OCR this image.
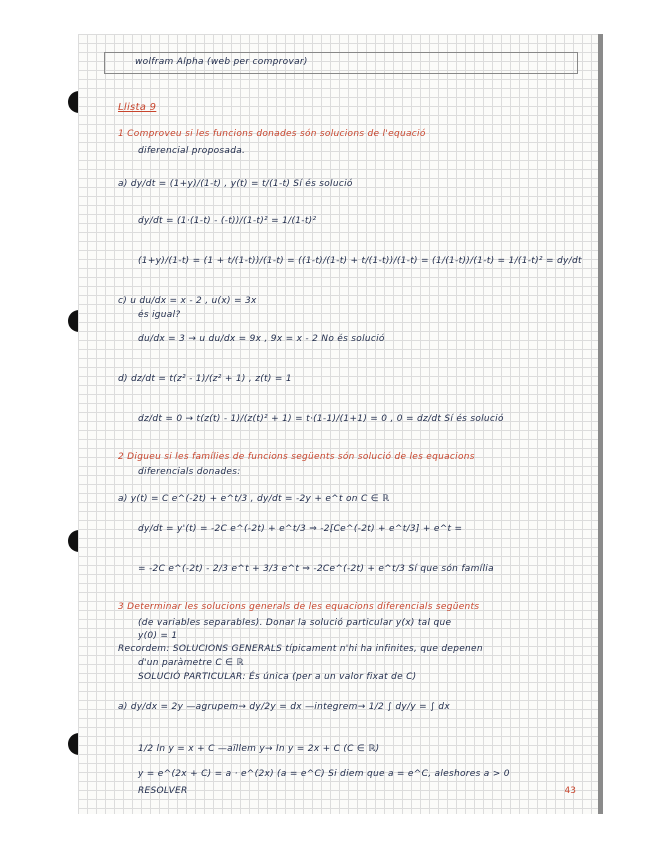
wolfram Alpha (web per comprovar)
Llista 9
1 Comproveu si les funcions donades són solucions de l'equació
diferencial proposada.
a) dy/dt = (1+y)/(1-t) , y(t) = t/(1-t) Sí és solució
dy/dt = (1·(1-t) - (-t))/(1-t)² = 1/(1-t)²
(1+y)/(1-t) = (1 + t/(1-t))/(1-t) = ((1-t)/(1-t) + t/(1-t))/(1-t) = (1/(1-t))/(1-t) = 1/(1-t)² = dy/dt
c) u du/dx = x - 2 , u(x) = 3x
és igual?
du/dx = 3 → u du/dx = 9x , 9x = x - 2 No és solució
d) dz/dt = t(z² - 1)/(z² + 1) , z(t) = 1
dz/dt = 0 → t(z(t) - 1)/(z(t)² + 1) = t·(1-1)/(1+1) = 0 , 0 = dz/dt Sí és solució
2 Digueu si les famílies de funcions següents són solució de les equacions
diferencials donades:
a) y(t) = C e^(-2t) + e^t/3 , dy/dt = -2y + e^t on C ∈ ℝ
dy/dt = y'(t) = -2C e^(-2t) + e^t/3 ⇒ -2[Ce^(-2t) + e^t/3] + e^t =
= -2C e^(-2t) - 2/3 e^t + 3/3 e^t ⇒ -2Ce^(-2t) + e^t/3 Sí que són família
3 Determinar les solucions generals de les equacions diferencials següents
(de variables separables). Donar la solució particular y(x) tal que
y(0) = 1
Recordem: SOLUCIONS GENERALS típicament n'hi ha infinites, que depenen
d'un paràmetre C ∈ ℝ
SOLUCIÓ PARTICULAR: És única (per a un valor fixat de C)
a) dy/dx = 2y —agrupem→ dy/2y = dx —integrem→ 1/2 ∫ dy/y = ∫ dx
1/2 ln y = x + C —aïllem y→ ln y = 2x + C (C ∈ ℝ)
y = e^(2x + C) = a · e^(2x) (a = e^C) Si diem que a = e^C, aleshores a > 0
RESOLVER	43
